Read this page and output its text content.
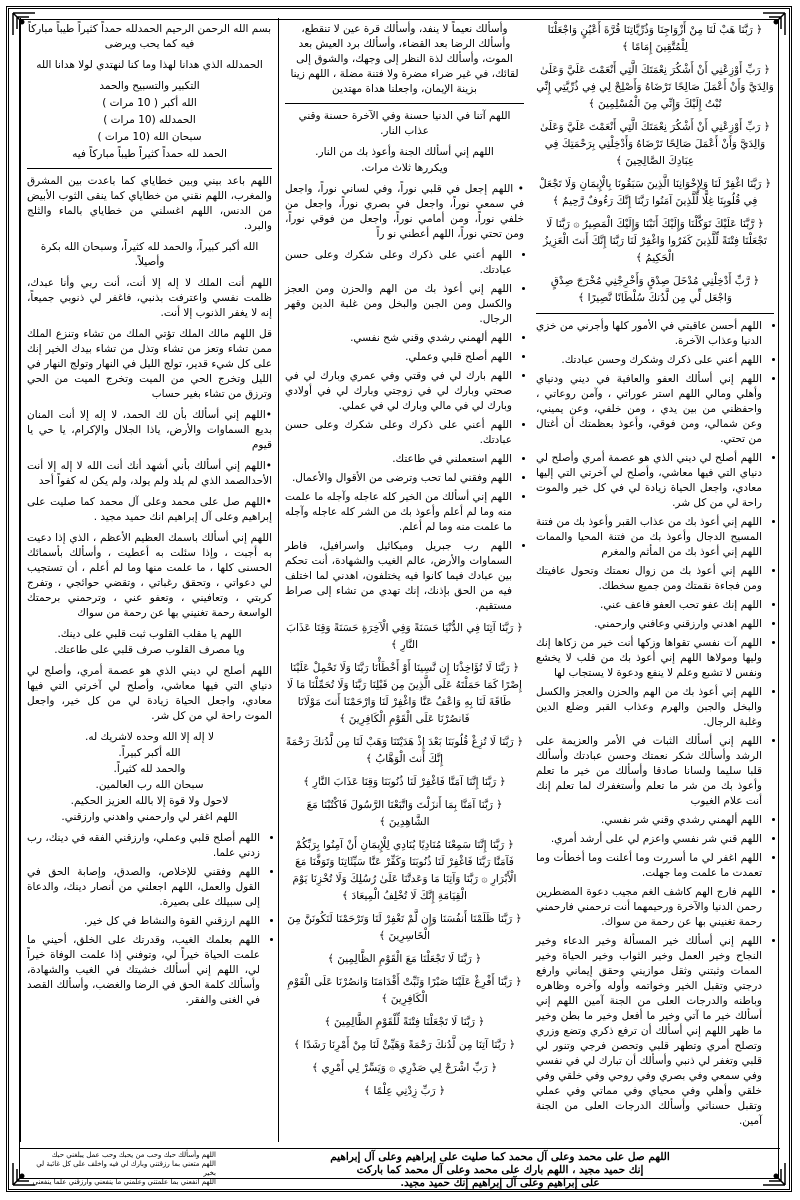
بسم الله الرحمن الرحيم الحمدلله حمداً كثيراً طيباً مباركاً فيه كما يحب ويرضى

الحمدلله الذي هدانا لهذا وما كنا لنهتدي لولا هدانا الله

التكبير والتسبيح والحمد

الله أكبر ( 10 مرات )

الحمدلله (10 مرات )

سبحان الله (10 مرات )

الحمد لله حمداً كثيراً طيباً مباركاً فيه

اللهم باعد بيني وبين خطاياي كما باعدت بين المشرق والمغرب، اللهم نقني من خطاياي كما ينقى الثوب الأبيض من الدنس، اللهم اغسلني من خطاياي بالماء والثلج والبرد.

الله أكبر كبيراً، والحمد لله كثيراً، وسبحان الله بكرة وأصيلاً.

اللهم أنت الملك لا إله إلا أنت، أنت ربي وأنا عبدك، ظلمت نفسي واعترفت بذنبي، فاغفر لي ذنوبي جميعاً، إنه لا يغفر الذنوب إلا أنت.

قل اللهم مالك الملك تؤتي الملك من تشاء وتنزع الملك ممن تشاء وتعز من تشاء وتذل من تشاء بيدك الخير إنك على كل شيء قدير، تولج الليل في النهار وتولج النهار في الليل وتخرج الحي من الميت وتخرج الميت من الحي وترزق من تشاء بغير حساب

•اللهم إني أسألك بأن لك الحمد، لا إله إلا أنت المنان بديع السماوات والأرض، ياذا الجلال والإكرام، يا حي يا قيوم

•اللهم إني أسألك بأني أشهد أنك أنت الله لا إله إلا أنت الأحدالصمد الذي لم يلد ولم يولد، ولم يكن له كفواً أحد

•اللهم صل على محمد وعلى آل محمد كما صليت على إبراهيم وعلى آل إبراهيم انك حميد مجيد .

اللهم إني أسألك باسمك العظيم الأعظم ، الذي إذا دعيت به أجبت ، وإذا سئلت به أعطيت ، وأسألك بأسمائك الحسنى كلها ، ما علمت منها وما لم أعلم ، أن تستجيب لي دعواتي ، وتحقق رغباتي ، وتقضي حوائجي ، وتفرج كربتي ، وتعافيني ، وتعفو عني ، وترحمني برحمتك الواسعة رحمة تغنيني بها عن رحمة من سواك

اللهم يا مقلب القلوب ثبت قلبي على دينك.

ويا مصرف القلوب صرف قلبي على طاعتك.

اللهم أصلح لي ديني الذي هو عصمة أمري، وأصلح لي دنياي التي فيها معاشي، وأصلح لي آخرتي التي فيها معادي، واجعل الحياة زيادة لي من كل خير، واجعل الموت راحة لي من كل شر.

لا إله إلا الله وحده لاشريك له.

الله أكبر كبيراً.

والحمد لله كثيراً.

سبحان الله رب العالمين.

لاحول ولا قوة إلا بالله العزيز الحكيم.

اللهم اغفر لي وارحمني واهدني وارزقني.

• اللهم أصلح قلبي وعملي، وارزقني الفقه في دينك، رب زدني علما.
• اللهم وفقني للإخلاص، والصدق، وإصابة الحق في القول والعمل، اللهم اجعلني من أنصار دينك، والدعاة إلى سبيلك على بصيرة.
• اللهم ارزقني القوة والنشاط في كل خير.
• اللهم بعلمك الغيب، وقدرتك على الخلق، أحيني ما علمت الحياة خيراً لي، وتوفني إذا علمت الوفاة خيراً لي، اللهم إني أسألك خشيتك في الغيب والشهادة، وأسألك كلمة الحق في الرضا والغضب، وأسألك القصد في الغنى والفقر.

وأسألك نعيماً لا ينفد، وأسألك قرة عين لا تنقطع، وأسألك الرضا بعد القضاء، وأسألك برد العيش بعد الموت، وأسألك لذة النظر إلى وجهك، والشوق إلى لقائك، في غير ضراء مضرة ولا فتنة مضلة ، اللهم زينا بزينة الإيمان، واجعلنا هداة مهتدين

اللهم آتنا في الدنيا حسنة وفي الآخرة حسنة وقني عذاب النار.

اللهم إني أسألك الجنة وأعوذ بك من النار.

ويكررها ثلاث مرات.

• اللهم إجعل في قلبي نوراً، وفي لساني نوراً، واجعل في سمعي نوراً، واجعل في بصري نوراً، واجعل من خلفي نوراً، ومن أمامي نوراً، واجعل من فوقي نوراً، ومن تحتي نوراً، اللهم أعطني نو راً

• اللهم أعني على ذكرك وعلى شكرك وعلى حسن عبادتك.
• اللهم إني أعوذ بك من الهم والحزن ومن العجز والكسل ومن الجبن والبخل ومن غلبة الدين وقهر الرجال.
• اللهم ألهمني رشدي وقني شح نفسي.
• اللهم أصلح قلبي وعملي.
• اللهم بارك لي في وقتي وفي عمري وبارك لي في صحتي وبارك لي في زوجتي وبارك لي في أولادي وبارك لي في مالي وبارك لي في عملي.
• اللهم أعني على ذكرك وعلى شكرك وعلى حسن عبادتك.
• اللهم استعملني في طاعتك.
• اللهم وفقني لما تحب وترضى من الأقوال والأعمال.
• اللهم إني أسألك من الخير كله عاجله وآجله ما علمت منه وما لم أعلم وأعوذ بك من الشر كله عاجله وآجله ما علمت منه وما لم أعلم.
• اللهم رب جبريل وميكائيل واسرافيل، فاطر السماوات والأرض، عالم الغيب والشهادة، أنت تحكم بين عبادك فيما كانوا فيه يختلفون، اهدني لما اختلف فيه من الحق بإذنك، إنك تهدي من تشاء إلى صراط مستقيم.

﴿ رَبَّنَا آتِنَا فِي الدُّنْيَا حَسَنَةً وَفِي الْآخِرَةِ حَسَنَةً وَقِنَا عَذَابَ النَّارِ ﴾

﴿ رَبَّنَا لَا تُؤَاخِذْنَا إِن نَّسِينَا أَوْ أَخْطَأْنَا رَبَّنَا وَلَا تَحْمِلْ عَلَيْنَا إِصْرًا كَمَا حَمَلْتَهُ عَلَى الَّذِينَ مِن قَبْلِنَا رَبَّنَا وَلَا تُحَمِّلْنَا مَا لَا طَاقَةَ لَنَا بِهِ وَاعْفُ عَنَّا وَاغْفِرْ لَنَا وَارْحَمْنَا أَنتَ مَوْلَانَا فَانصُرْنَا عَلَى الْقَوْمِ الْكَافِرِينَ ﴾

﴿ رَبَّنَا لَا تُزِغْ قُلُوبَنَا بَعْدَ إِذْ هَدَيْتَنَا وَهَبْ لَنَا مِن لَّدُنكَ رَحْمَةً إِنَّكَ أَنتَ الْوَهَّابُ ﴾

﴿ رَبَّنَا إِنَّنَا آمَنَّا فَاغْفِرْ لَنَا ذُنُوبَنَا وَقِنَا عَذَابَ النَّارِ ﴾

﴿ رَبَّنَا آمَنَّا بِمَا أَنزَلْتَ وَاتَّبَعْنَا الرَّسُولَ فَاكْتُبْنَا مَعَ الشَّاهِدِينَ ﴾

﴿ رَبَّنَا إِنَّنَا سَمِعْنَا مُنَادِيًا يُنَادِي لِلْإِيمَانِ أَنْ آمِنُوا بِرَبِّكُمْ فَآمَنَّا رَبَّنَا فَاغْفِرْ لَنَا ذُنُوبَنَا وَكَفِّرْ عَنَّا سَيِّئَاتِنَا وَتَوَفَّنَا مَعَ الْأَبْرَارِ ۞ رَبَّنَا وَآتِنَا مَا وَعَدتَّنَا عَلَىٰ رُسُلِكَ وَلَا تُخْزِنَا يَوْمَ الْقِيَامَةِ إِنَّكَ لَا تُخْلِفُ الْمِيعَادَ ﴾

﴿ رَبَّنَا ظَلَمْنَا أَنفُسَنَا وَإِن لَّمْ تَغْفِرْ لَنَا وَتَرْحَمْنَا لَنَكُونَنَّ مِنَ الْخَاسِرِينَ ﴾

﴿ رَبَّنَا لَا تَجْعَلْنَا مَعَ الْقَوْمِ الظَّالِمِينَ ﴾

﴿ رَبَّنَا أَفْرِغْ عَلَيْنَا صَبْرًا وَثَبِّتْ أَقْدَامَنَا وَانصُرْنَا عَلَى الْقَوْمِ الْكَافِرِينَ ﴾

﴿ رَبَّنَا لَا تَجْعَلْنَا فِتْنَةً لِّلْقَوْمِ الظَّالِمِينَ ﴾

﴿ رَبَّنَا آتِنَا مِن لَّدُنكَ رَحْمَةً وَهَيِّئْ لَنَا مِنْ أَمْرِنَا رَشَدًا ﴾

﴿ رَبِّ اشْرَحْ لِي صَدْرِي ۞ وَيَسِّرْ لِي أَمْرِي ﴾

﴿ رَبِّ زِدْنِي عِلْمًا ﴾

﴿ رَبَّنَا هَبْ لَنَا مِنْ أَزْوَاجِنَا وَذُرِّيَّاتِنَا قُرَّةَ أَعْيُنٍ وَاجْعَلْنَا لِلْمُتَّقِينَ إِمَامًا ﴾

﴿ رَبِّ أَوْزِعْنِي أَنْ أَشْكُرَ نِعْمَتَكَ الَّتِي أَنْعَمْتَ عَلَيَّ وَعَلَىٰ وَالِدَيَّ وَأَنْ أَعْمَلَ صَالِحًا تَرْضَاهُ وَأَصْلِحْ لِي فِي ذُرِّيَّتِي إِنِّي تُبْتُ إِلَيْكَ وَإِنِّي مِنَ الْمُسْلِمِينَ ﴾

﴿ رَبِّ أَوْزِعْنِي أَنْ أَشْكُرَ نِعْمَتَكَ الَّتِي أَنْعَمْتَ عَلَيَّ وَعَلَىٰ وَالِدَيَّ وَأَنْ أَعْمَلَ صَالِحًا تَرْضَاهُ وَأَدْخِلْنِي بِرَحْمَتِكَ فِي عِبَادِكَ الصَّالِحِينَ ﴾

﴿ رَبَّنَا اغْفِرْ لَنَا وَلِإِخْوَانِنَا الَّذِينَ سَبَقُونَا بِالْإِيمَانِ وَلَا تَجْعَلْ فِي قُلُوبِنَا غِلًّا لِّلَّذِينَ آمَنُوا رَبَّنَا إِنَّكَ رَءُوفٌ رَّحِيمٌ ﴾

﴿ رَّبَّنَا عَلَيْكَ تَوَكَّلْنَا وَإِلَيْكَ أَنَبْنَا وَإِلَيْكَ الْمَصِيرُ ۞ رَبَّنَا لَا تَجْعَلْنَا فِتْنَةً لِّلَّذِينَ كَفَرُوا وَاغْفِرْ لَنَا رَبَّنَا إِنَّكَ أَنتَ الْعَزِيزُ الْحَكِيمُ ﴾

﴿ رَّبِّ أَدْخِلْنِي مُدْخَلَ صِدْقٍ وَأَخْرِجْنِي مُخْرَجَ صِدْقٍ وَاجْعَل لِّي مِن لَّدُنكَ سُلْطَانًا نَّصِيرًا ﴾

• اللهم أحسن عاقبتي في الأمور كلها وأجرني من خزي الدنيا وعذاب الآخرة.
• اللهم أعني على ذكرك وشكرك وحسن عبادتك.
• اللهم إني أسألك العفو والعافية في ديني ودنياي وأهلي ومالي اللهم استر عوراتي ، وآمن روعاتي ، واحفظني من بين يدي ، ومن خلفي، وعن يميني، وعن شمالي، ومن فوقي، وأعوذ بعظمتك أن أغتال من تحتي.
• اللهم أصلح لي ديني الذي هو عصمة أمري وأصلح لي دنياي التي فيها معاشي، وأصلح لي آخرتي التي إليها معادي، واجعل الحياة زيادة لي في كل خير والموت راحة لي من كل شر.
• اللهم إني أعوذ بك من عذاب القبر وأعوذ بك من فتنة المسيح الدجال وأعوذ بك من فتنة المحيا والممات اللهم إني أعوذ بك من المأثم والمغرم
• اللهم إني أعوذ بك من زوال نعمتك وتحول عافيتك ومن فجاءة نقمتك ومن جميع سخطك.
• اللهم إنك عفو تحب العفو فاعف عني.
• اللهم اهدني وارزقني وعافني وارحمني.
• اللهم آت نفسي تقواها وزكها أنت خير من زكاها إنك وليها ومولاها اللهم إني أعوذ بك من قلب لا يخشع ونفس لا تشبع وعلم لا ينفع ودعوة لا يستجاب لها
• اللهم إني أعوذ بك من الهم والحزن والعجز والكسل والبخل والجبن والهرم وعذاب القبر وضلع الدين وغلبة الرجال.
• اللهم إني أسألك الثبات في الأمر والعزيمة على الرشد وأسألك شكر نعمتك وحسن عبادتك وأسألك قلبا سليما ولسانا صادقا وأسألك من خير ما تعلم وأعوذ بك من شر ما تعلم وأستغفرك لما تعلم إنك أنت علام الغيوب
• اللهم ألهمني رشدي وقني شر نفسي.
• اللهم قني شر نفسي واعزم لي على أرشد أمري.
• اللهم اغفر لي ما أسررت وما أعلنت وما أخطأت وما تعمدت ما علمت وما جهلت.
• اللهم فارج الهم كاشف الغم مجيب دعوة المضطرين رحمن الدنيا والآخرة ورحيمهما أنت ترحمني فارحمني رحمة تغنيني بها عن رحمة من سواك.
• اللهم إني أسألك خير المسألة وخير الدعاء وخير النجاح وخير العمل وخير الثواب وخير الحياة وخير الممات وثبتني وثقل موازيني وحقق إيماني وارفع درجتي وتقبل الخير وخواتمه وأوله وآخره وظاهره وباطنه والدرجات العلى من الجنة آمين اللهم إني أسألك خير ما آتي وخير ما أفعل وخير ما بطن وخير ما ظهر اللهم إني أسألك أن ترفع ذكري وتضع وزري وتصلح أمري وتطهر قلبي وتحصن فرجي وتنور لي قلبي وتغفر لي ذنبي وأسألك أن تبارك لي في نفسي وفي سمعي وفي بصري وفي روحي وفي خلقي وفي خلقي وأهلي وفي محياي وفي مماتي وفي عملي وتقبل حسناتي وأسألك الدرجات العلى من الجنة آمين.
اللهم صل على محمد وعلى آل محمد كما صليت على إبراهيم وعلى آل إبراهيم
إنك حميد مجيد ، اللهم بارك على محمد وعلى آل محمد كما باركت
على إبراهيم وعلى آل إبراهيم إنك حميد مجيد.
اللهم وأسألك حبك وحب من يحبك وحب عمل يبلغني حبك
اللهم متعني بما رزقتني وبارك لي فيه واخلف على كل غائبة لي بخير
اللهم انفعني بما علمتني وعلمني ما ينفعني وارزقني علما ينفعني
